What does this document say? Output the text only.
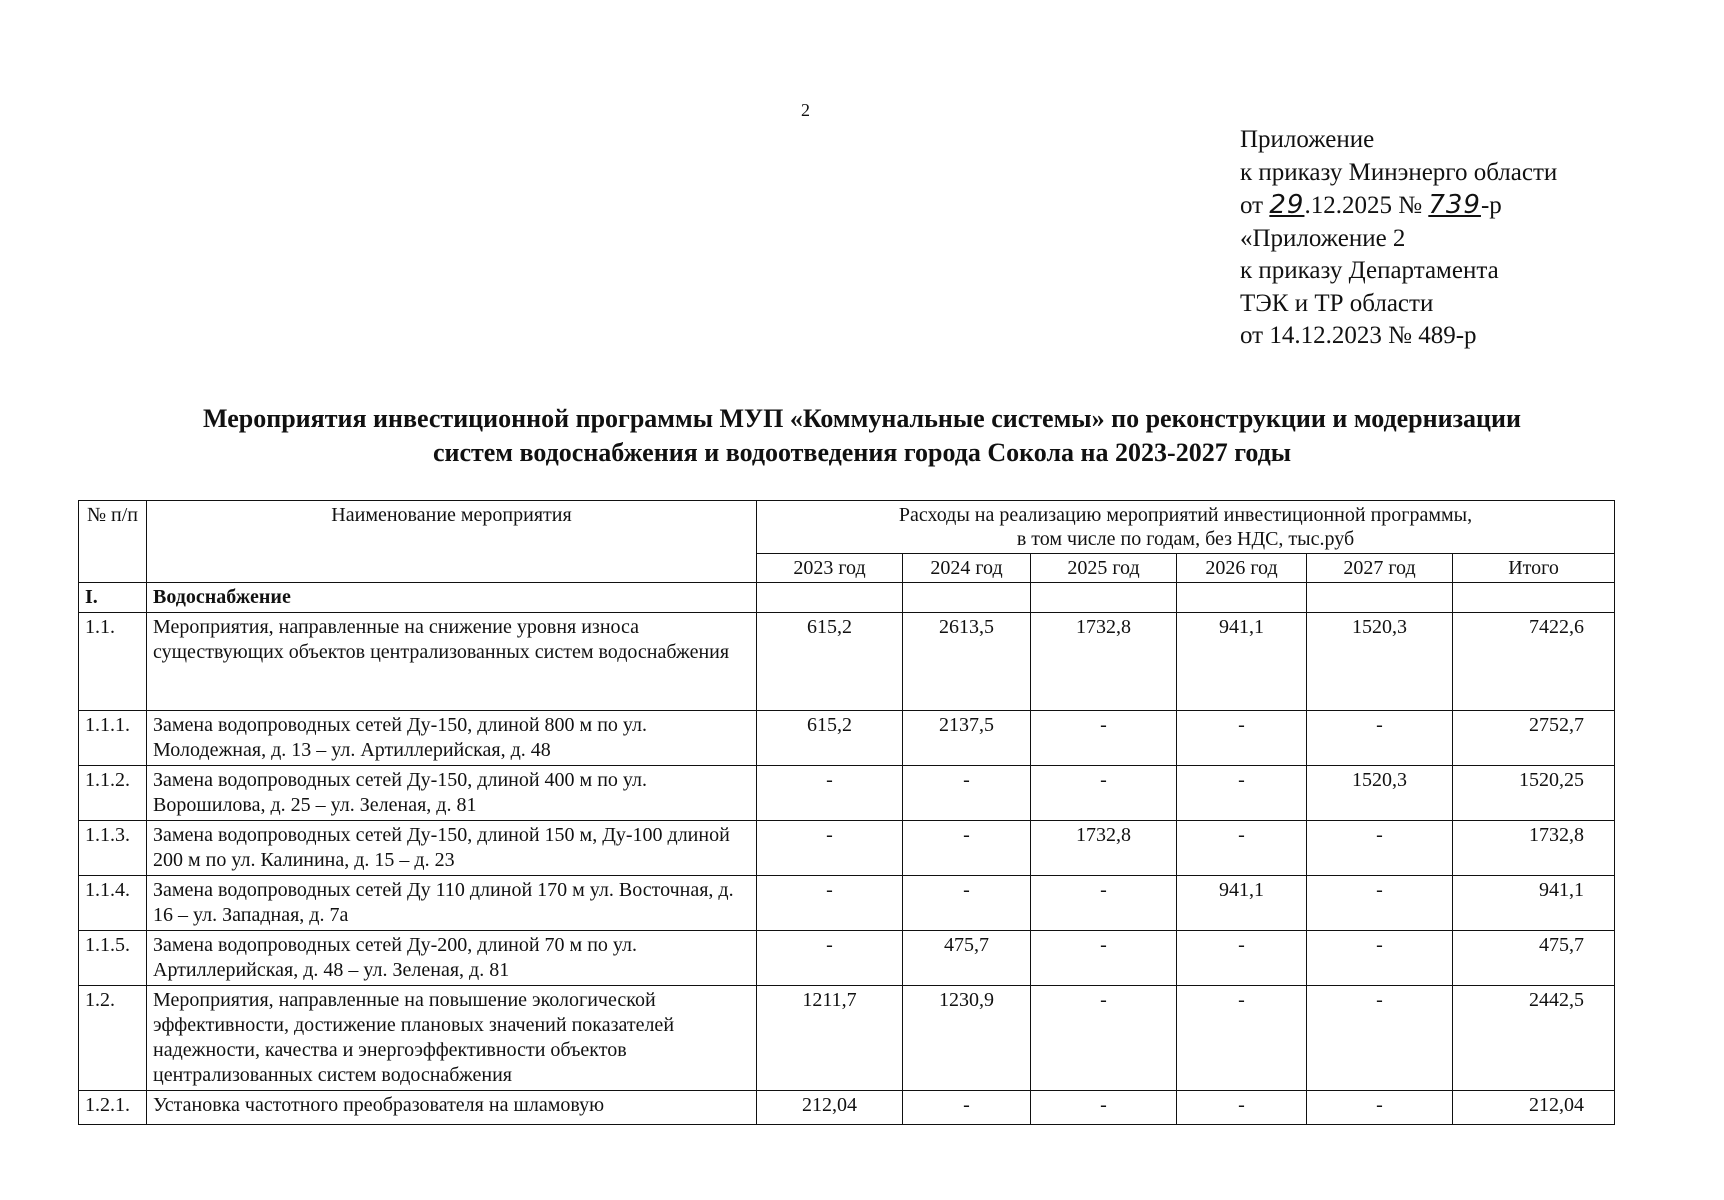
2
Приложение
к приказу Минэнерго области
от 29.12.2025 № 739-р
«Приложение 2
к приказу Департамента
ТЭК и ТР области
от 14.12.2023 № 489-р
Мероприятия инвестиционной программы МУП «Коммунальные системы» по реконструкции и модернизации
систем водоснабжения и водоотведения города Сокола на 2023-2027 годы
№ п/п	Наименование мероприятия	Расходы на реализацию мероприятий инвестиционной программы,
в том числе по годам, без НДС, тыс.руб					

		2023 год	2024 год	2025 год	2026 год	2027 год	Итого
I.	Водоснабжение						
1.1.	Мероприятия, направленные на снижение уровня износа существующих объектов централизованных систем водоснабжения	615,2	2613,5	1732,8	941,1	1520,3	7422,6
1.1.1.	Замена водопроводных сетей Ду-150, длиной 800 м по ул. Молодежная, д. 13 – ул. Артиллерийская, д. 48	615,2	2137,5	-	-	-	2752,7
1.1.2.	Замена водопроводных сетей Ду-150, длиной 400 м по ул. Ворошилова, д. 25 – ул. Зеленая, д. 81	-	-	-	-	1520,3	1520,25
1.1.3.	Замена водопроводных сетей Ду-150, длиной 150 м, Ду-100 длиной 200 м по ул. Калинина, д. 15 – д. 23	-	-	1732,8	-	-	1732,8
1.1.4.	Замена водопроводных сетей Ду 110 длиной 170 м ул. Восточная, д. 16 – ул. Западная, д. 7а	-	-	-	941,1	-	941,1
1.1.5.	Замена водопроводных сетей Ду-200, длиной 70 м по ул. Артиллерийская, д. 48 – ул. Зеленая, д. 81	-	475,7	-	-	-	475,7
1.2.	Мероприятия, направленные на повышение экологической эффективности, достижение плановых значений показателей надежности, качества и энергоэффективности объектов централизованных систем водоснабжения	1211,7	1230,9	-	-	-	2442,5
1.2.1.	Установка частотного преобразователя на шламовую	212,04	-	-	-	-	212,04
